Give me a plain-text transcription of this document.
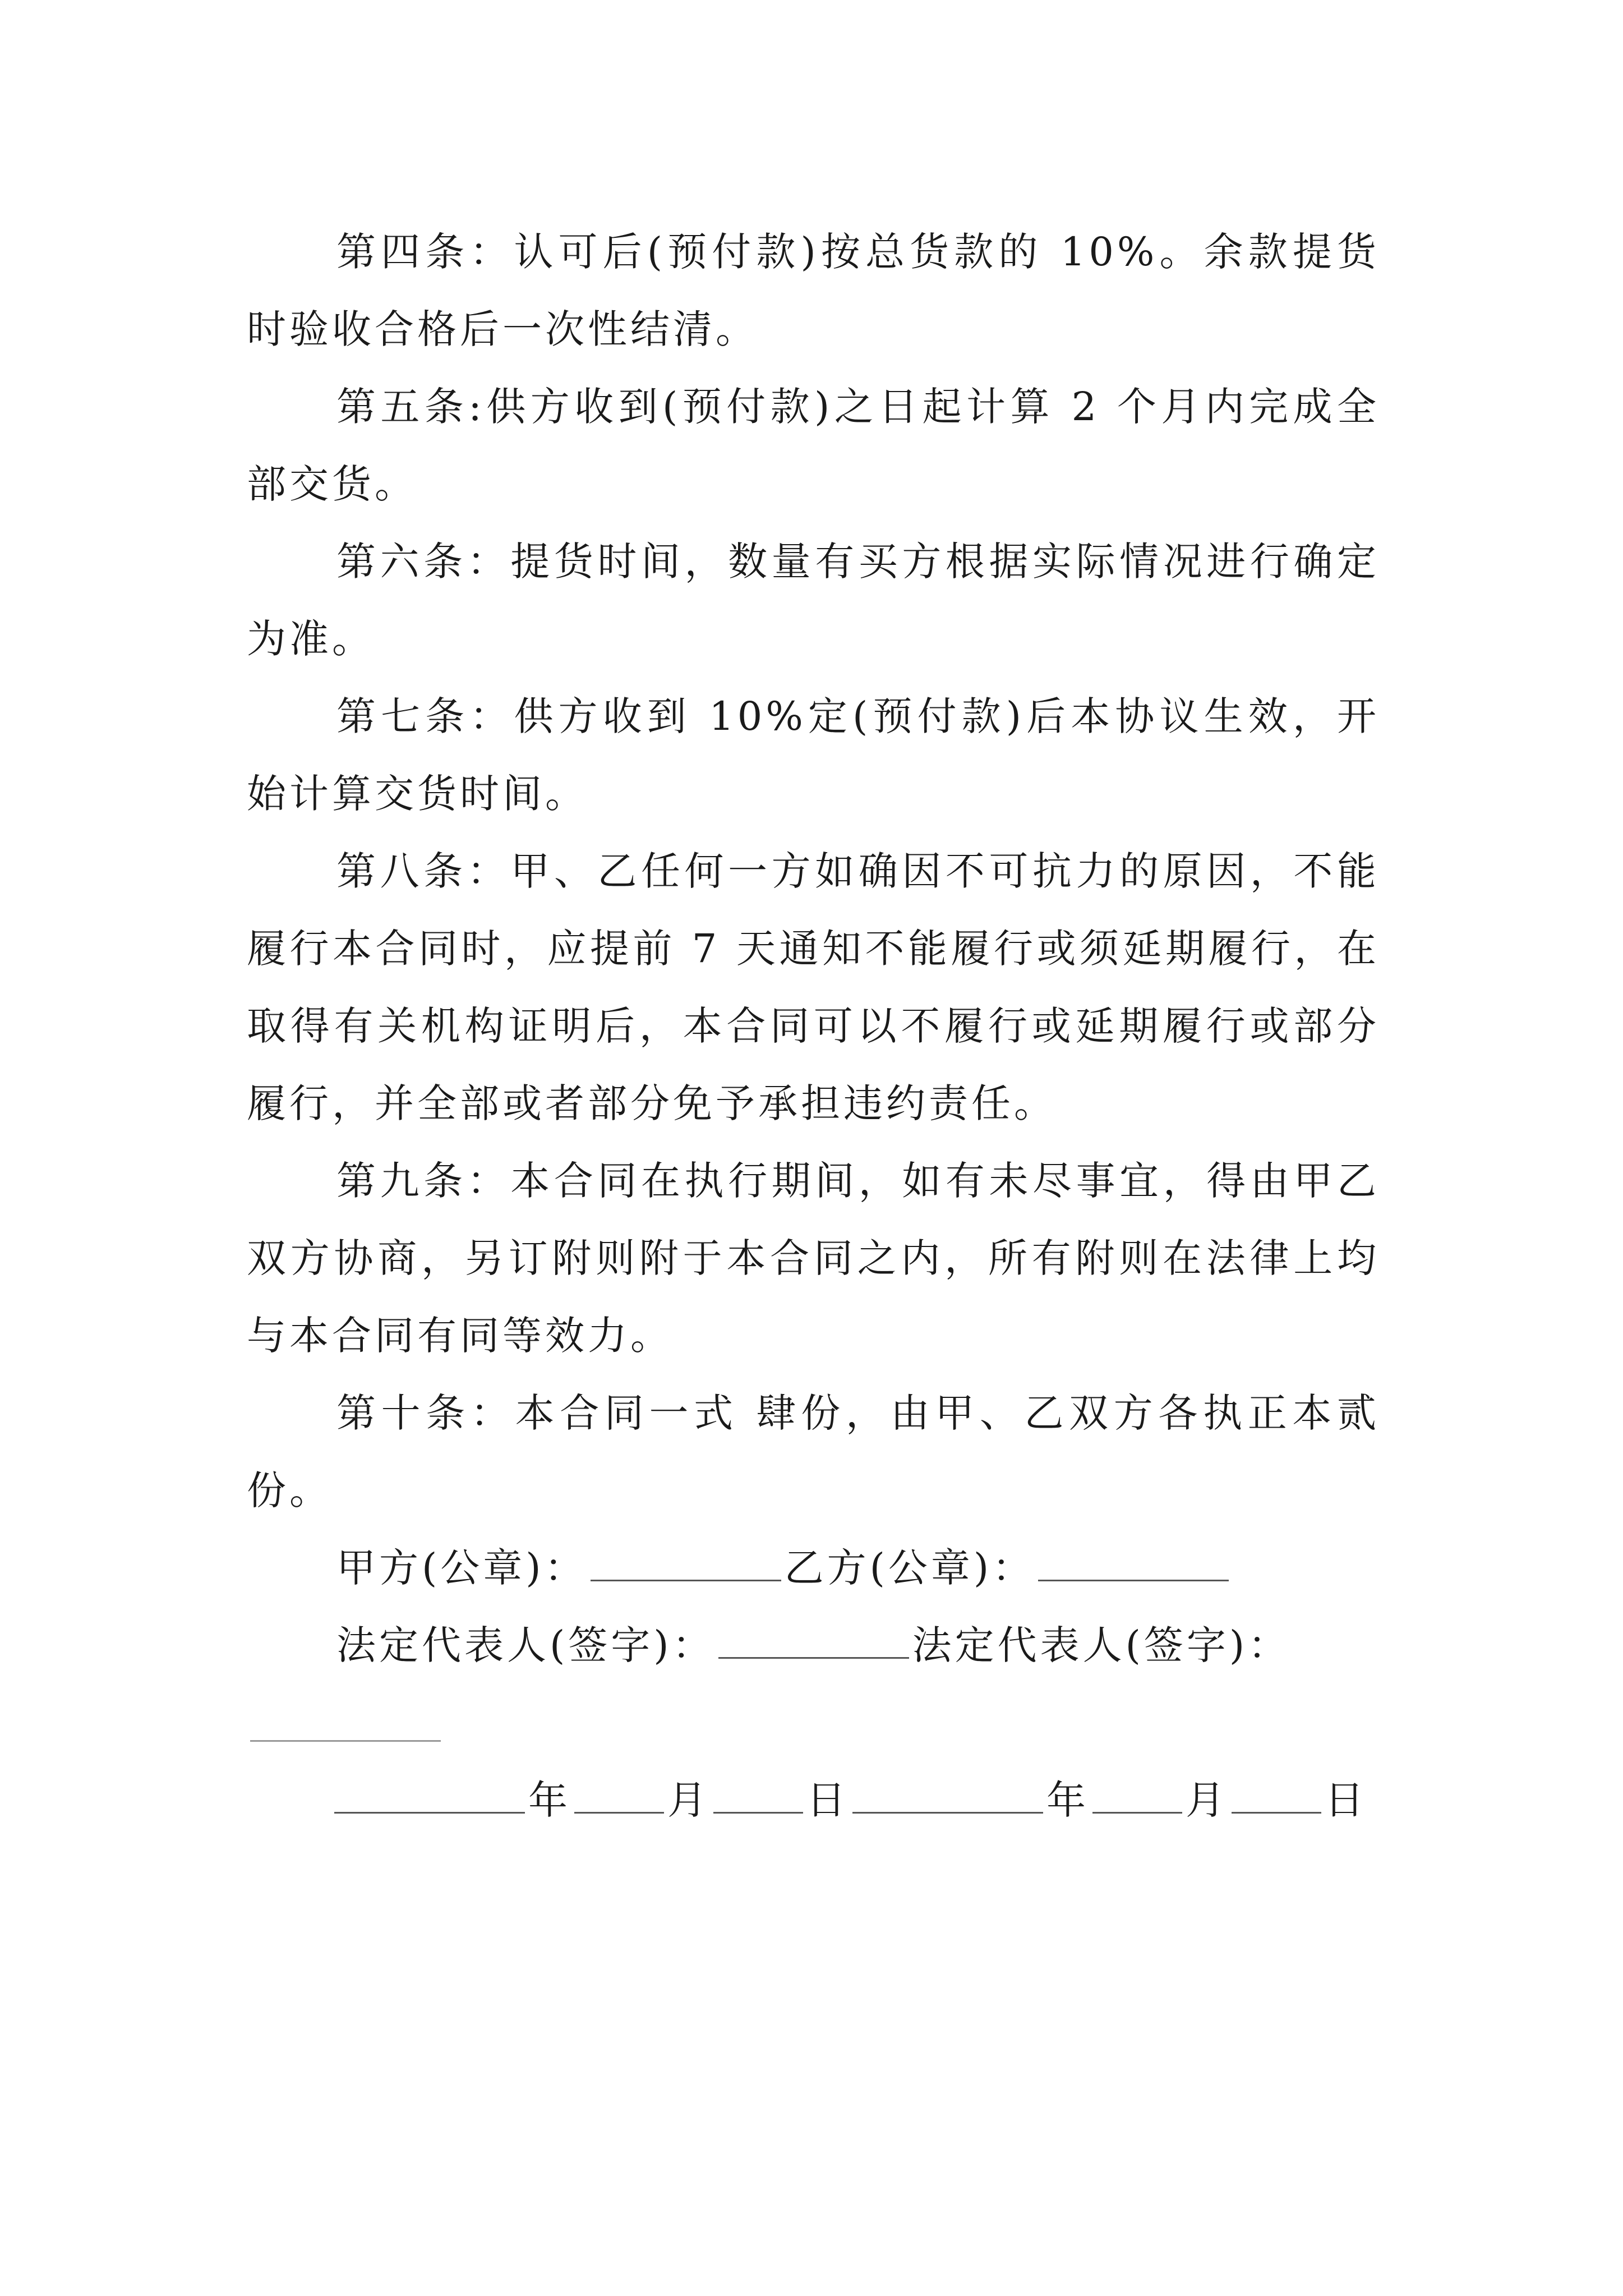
第四条：认可后(预付款)按总货款的 10%。余款提货时验收合格后一次性结清。

第五条:供方收到(预付款)之日起计算 2 个月内完成全部交货。

第六条：提货时间，数量有买方根据实际情况进行确定为准。

第七条：供方收到 10%定(预付款)后本协议生效，开始计算交货时间。

第八条：甲、乙任何一方如确因不可抗力的原因，不能履行本合同时，应提前 7 天通知不能履行或须延期履行，在取得有关机构证明后，本合同可以不履行或延期履行或部分履行，并全部或者部分免予承担违约责任。

第九条：本合同在执行期间，如有未尽事宜，得由甲乙双方协商，另订附则附于本合同之内，所有附则在法律上均与本合同有同等效力。

第十条：本合同一式 肆份，由甲、乙双方各执正本贰份。

甲方(公章)：	乙方(公章)：

法定代表人(签字)：	法定代表人(签字)：

年 月 日	年 月 日
